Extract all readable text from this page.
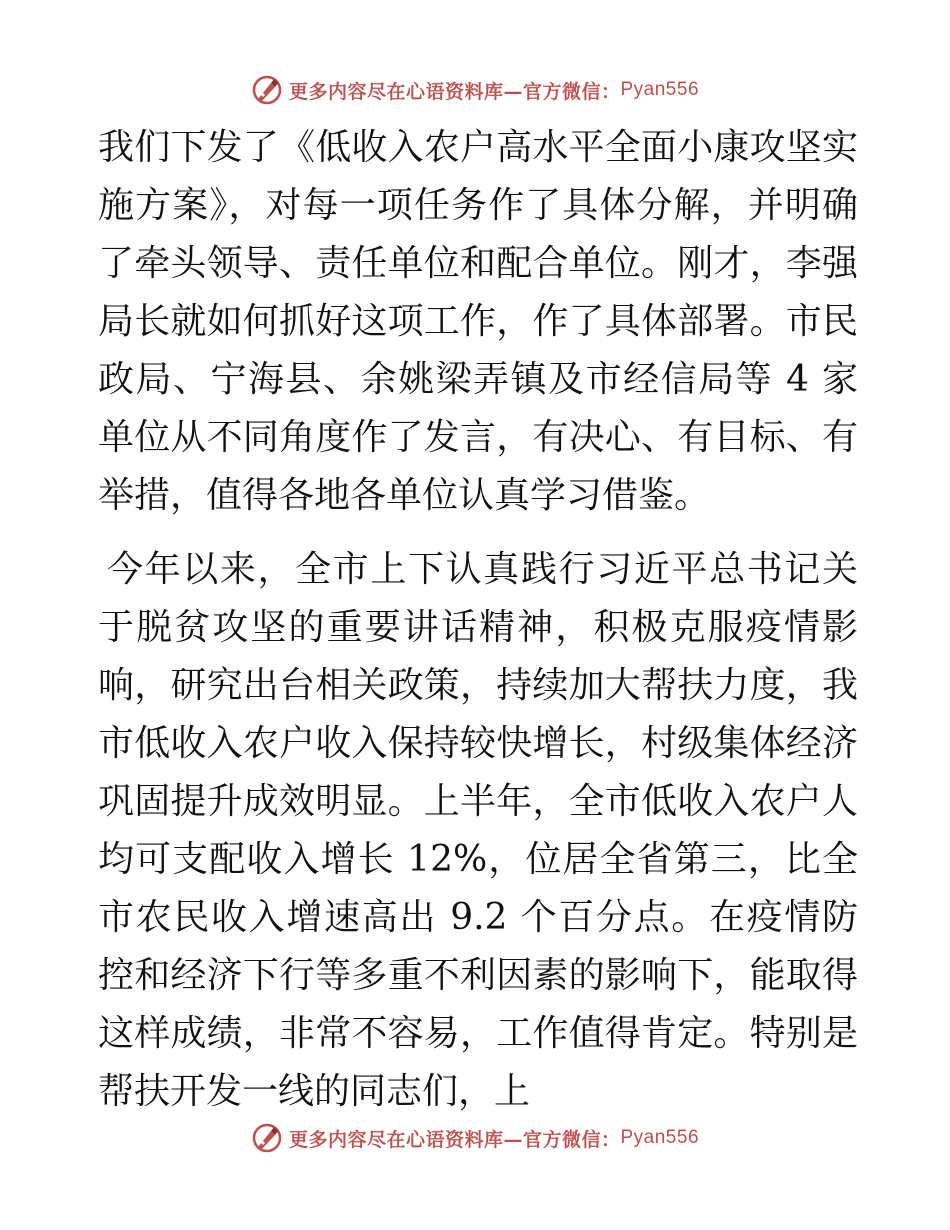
更多内容尽在心语资料库—官方微信： Pyan556

我们下发了《低收入农户高水平全面小康攻坚实施方案》，对每一项任务作了具体分解，并明确了牵头领导、责任单位和配合单位。刚才，李强局长就如何抓好这项工作，作了具体部署。市民政局、宁海县、余姚梁弄镇及市经信局等 4 家单位从不同角度作了发言，有决心、有目标、有举措，值得各地各单位认真学习借鉴。

今年以来，全市上下认真践行习近平总书记关于脱贫攻坚的重要讲话精神，积极克服疫情影响，研究出台相关政策，持续加大帮扶力度，我市低收入农户收入保持较快增长，村级集体经济巩固提升成效明显。上半年，全市低收入农户人均可支配收入增长 12%，位居全省第三，比全市农民收入增速高出 9.2 个百分点。在疫情防控和经济下行等多重不利因素的影响下，能取得这样成绩，非常不容易，工作值得肯定。特别是帮扶开发一线的同志们，上

更多内容尽在心语资料库—官方微信： Pyan556
